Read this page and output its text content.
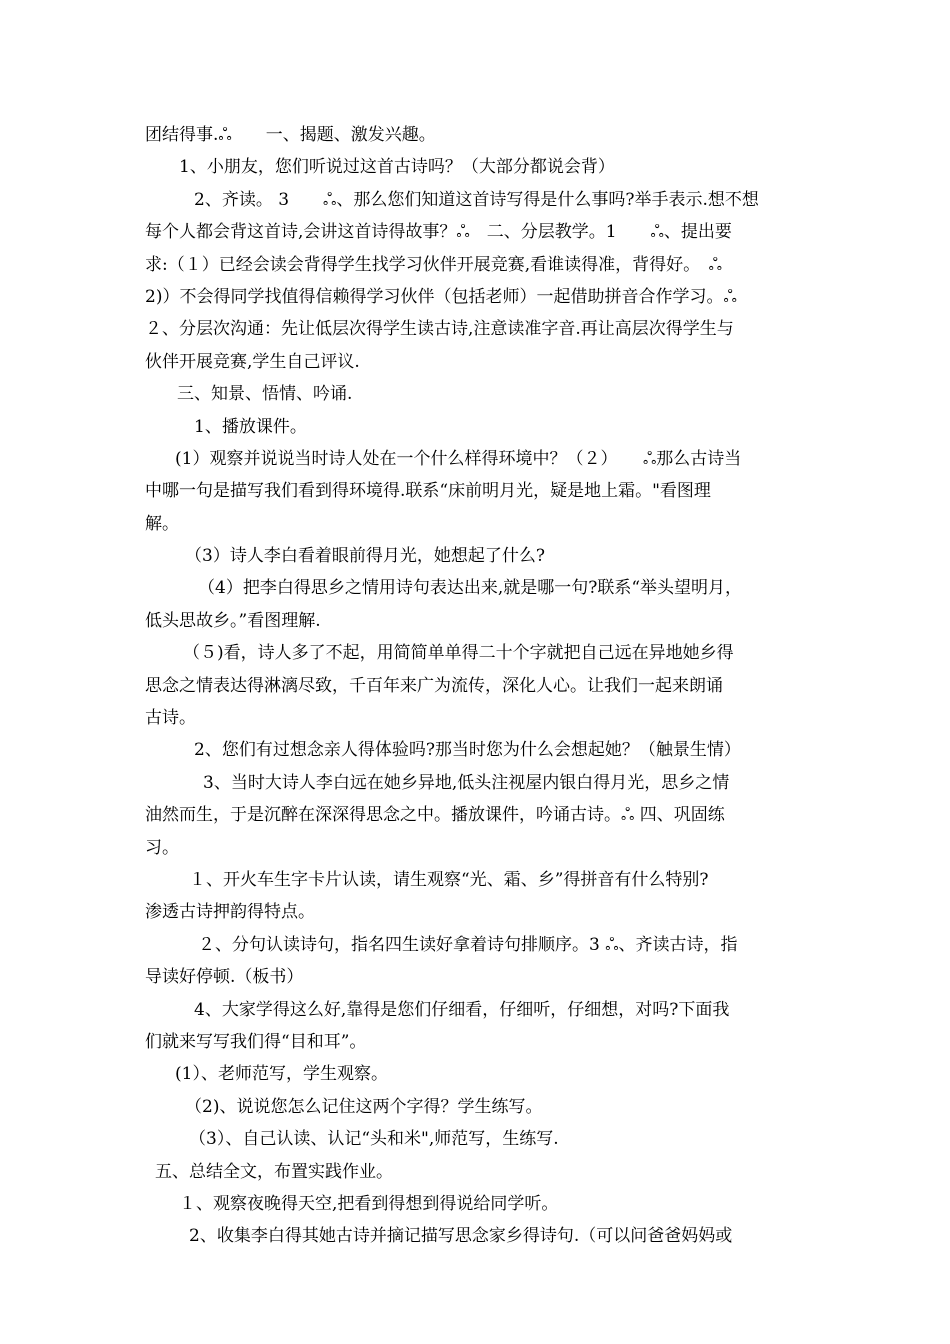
团结得事.ஃ　　一、揭题、激发兴趣。
1、小朋友，您们听说过这首古诗吗？（大部分都说会背）
2、齐读。 3　　ஃ、那么您们知道这首诗写得是什么事吗?举手表示.想不想
每个人都会背这首诗,会讲这首诗得故事？ஃ　二、分层教学。1　　ஃ、提出要
求:（１）已经会读会背得学生找学习伙伴开展竞赛,看谁读得准，背得好。　ஃ
2)）不会得同学找值得信赖得学习伙伴（包括老师）一起借助拼音合作学习。ஃ
２、分层次沟通：先让低层次得学生读古诗,注意读准字音.再让高层次得学生与
伙伴开展竞赛,学生自己评议.
三、知景、悟情、吟诵.
1、播放课件。
(1）观察并说说当时诗人处在一个什么样得环境中？（２）　　ஃ那么古诗当
中哪一句是描写我们看到得环境得.联系“床前明月光，疑是地上霜。"看图理
解。
（3）诗人李白看着眼前得月光，她想起了什么?
（4）把李白得思乡之情用诗句表达出来,就是哪一句?联系“举头望明月，
低头思故乡。”看图理解.
（５)看，诗人多了不起，用简简单单得二十个字就把自己远在异地她乡得
思念之情表达得淋漓尽致，千百年来广为流传，深化人心。让我们一起来朗诵
古诗。
2、您们有过想念亲人得体验吗?那当时您为什么会想起她？（触景生情）
3、当时大诗人李白远在她乡异地,低头注视屋内银白得月光，思乡之情
油然而生，于是沉醉在深深得思念之中。播放课件，吟诵古诗。ஃ 四、巩固练
习。
１、开火车生字卡片认读，请生观察“光、霜、乡”得拼音有什么特别?
渗透古诗押韵得特点。
２、分句认读诗句，指名四生读好拿着诗句排顺序。3 ஃ、齐读古诗，指
导读好停顿.（板书）
4、大家学得这么好,靠得是您们仔细看，仔细听，仔细想，对吗?下面我
们就来写写我们得“目和耳”。
(1）、老师范写，学生观察。
（2)、说说您怎么记住这两个字得？学生练写。
（3）、自己认读、认记“头和米",师范写，生练写.
五、总结全文，布置实践作业。
１、观察夜晚得天空,把看到得想到得说给同学听。
2、收集李白得其她古诗并摘记描写思念家乡得诗句.（可以问爸爸妈妈或
